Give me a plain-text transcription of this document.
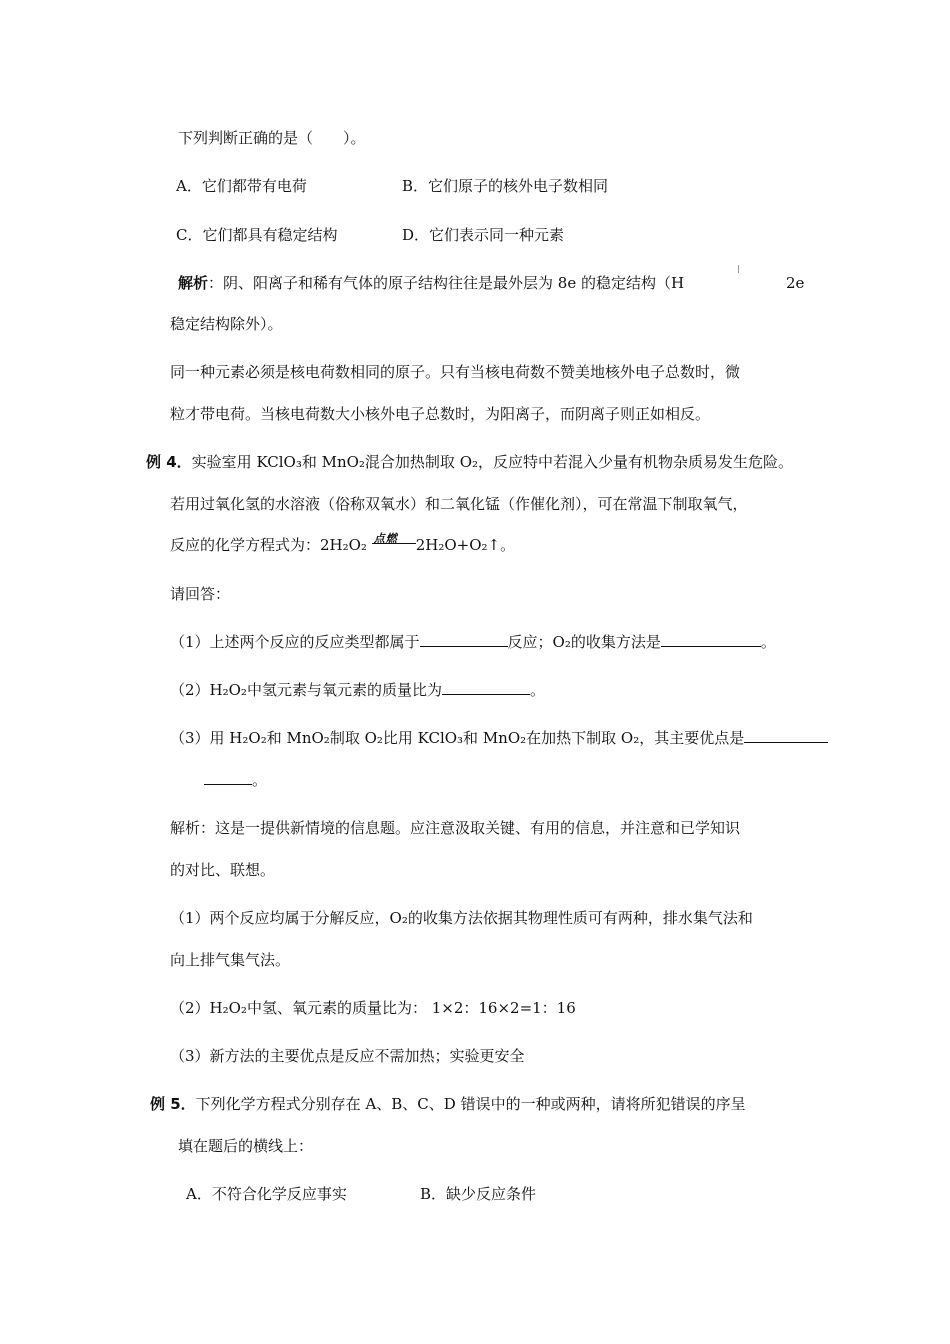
下列判断正确的是（　　）。
A．它们都带有电荷	B．它们原子的核外电子数相同
C．它们都具有稳定结构	D．它们表示同一种元素
解析：阴、阳离子和稀有气体的原子结构往往是最外层为 8e 的稳定结构（H	2e
稳定结构除外）。
同一种元素必须是核电荷数相同的原子。只有当核电荷数不赞美地核外电子总数时，微
粒才带电荷。当核电荷数大小核外电子总数时，为阳离子，而阴离子则正如相反。
例 4．实验室用 KClO₃和 MnO₂混合加热制取 O₂，反应特中若混入少量有机物杂质易发生危险。
若用过氧化氢的水溶液（俗称双氧水）和二氧化锰（作催化剂），可在常温下制取氧气，
反应的化学方程式为：2H₂O₂ 点燃 2H₂O+O₂↑。
请回答：
（1）上述两个反应的反应类型都属于	反应；O₂的收集方法是	。
（2）H₂O₂中氢元素与氧元素的质量比为	。
（3）用 H₂O₂和 MnO₂制取 O₂比用 KClO₃和 MnO₂在加热下制取 O₂，其主要优点是
。
解析：这是一提供新情境的信息题。应注意汲取关键、有用的信息，并注意和已学知识
的对比、联想。
（1）两个反应均属于分解反应，O₂的收集方法依据其物理性质可有两种，排水集气法和
向上排气集气法。
（2）H₂O₂中氢、氧元素的质量比为： 1×2：16×2=1：16
（3）新方法的主要优点是反应不需加热；实验更安全
例 5．下列化学方程式分别存在 A、B、C、D 错误中的一种或两种，请将所犯错误的序呈
填在题后的横线上：
A．不符合化学反应事实	B．缺少反应条件
